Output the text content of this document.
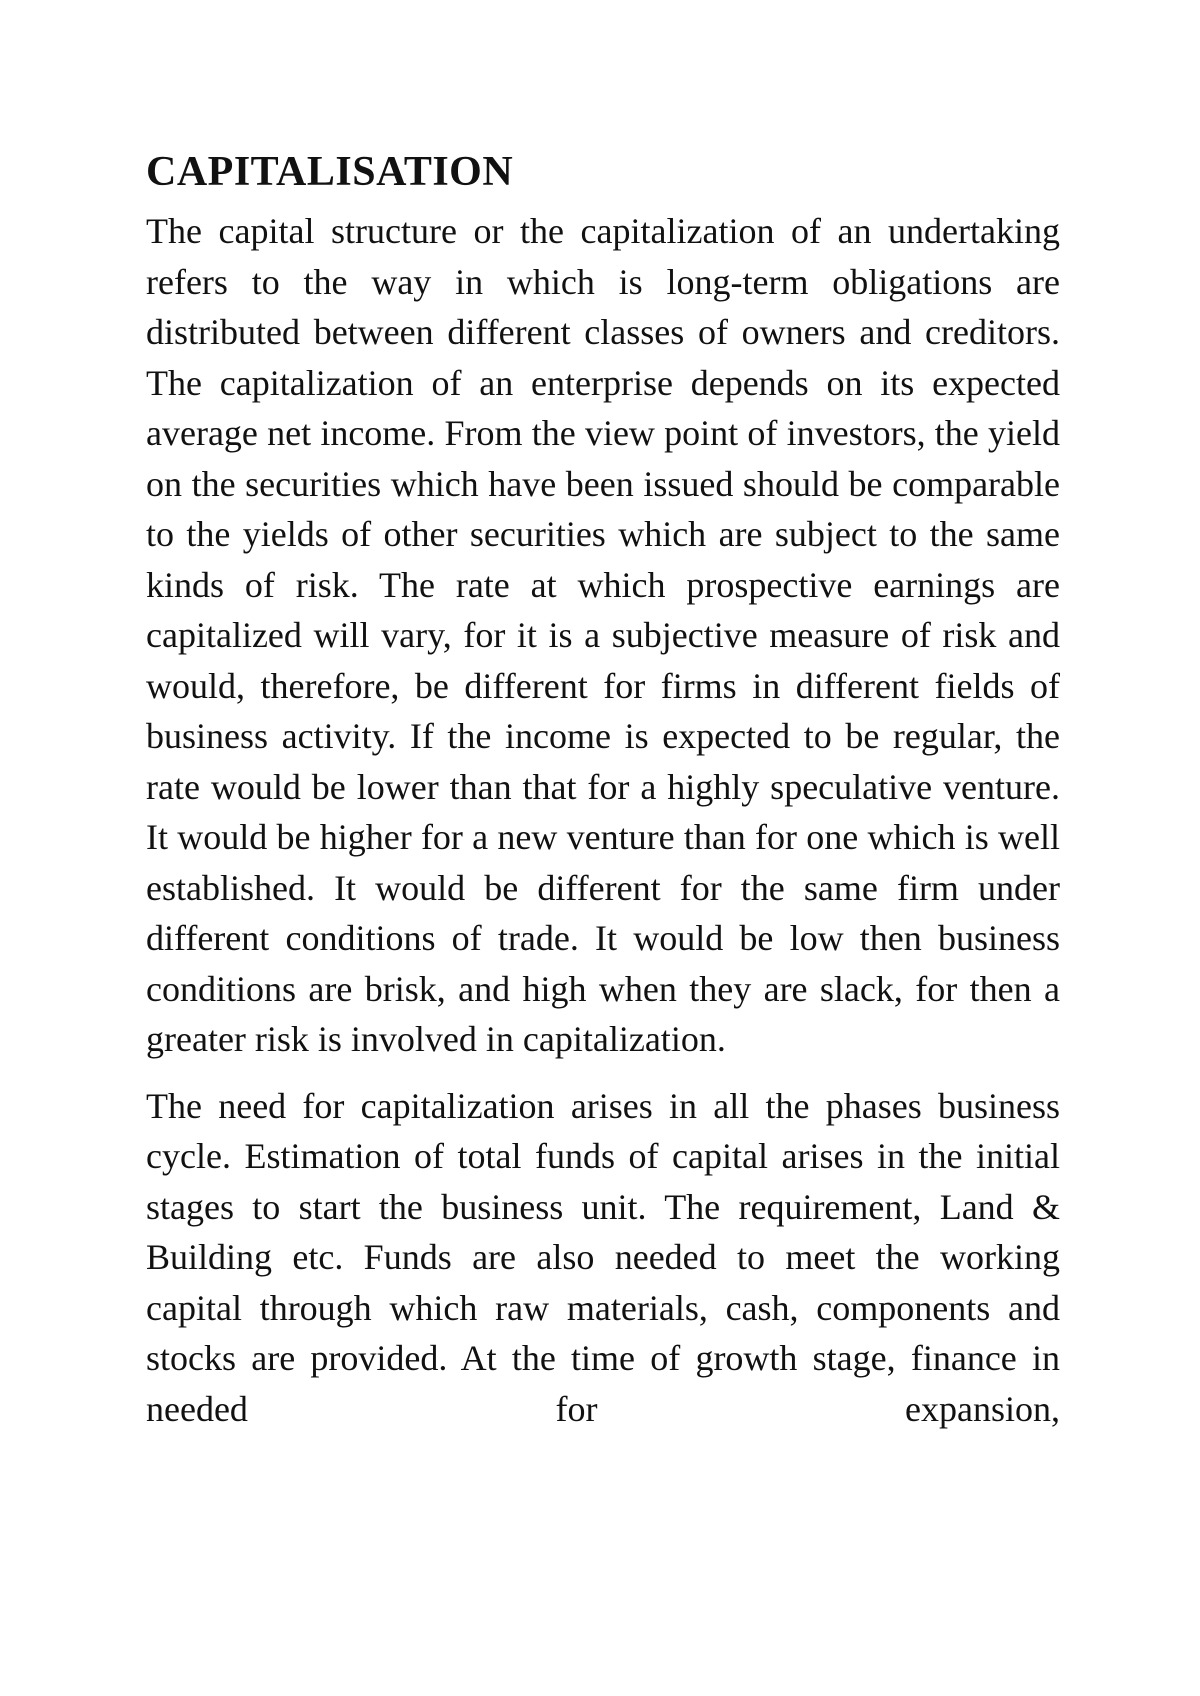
CAPITALISATION

The capital structure or the capitalization of an undertaking refers to the way in which is long-term obligations are distributed between different classes of owners and creditors. The capitalization of an enterprise depends on its expected average net income. From the view point of investors, the yield on the securities which have been issued should be comparable to the yields of other securities which are subject to the same kinds of risk. The rate at which prospective earnings are capitalized will vary, for it is a subjective measure of risk and would, therefore, be different for firms in different fields of business activity. If the income is expected to be regular, the rate would be lower than that for a highly speculative venture. It would be higher for a new venture than for one which is well established. It would be different for the same firm under different conditions of trade. It would be low then business conditions are brisk, and high when they are slack, for then a greater risk is involved in capitalization.

The need for capitalization arises in all the phases business cycle. Estimation of total funds of capital arises in the initial stages to start the business unit. The requirement, Land & Building etc. Funds are also needed to meet the working capital through which raw materials, cash, components and stocks are provided. At the time of growth stage, finance in needed for expansion,
